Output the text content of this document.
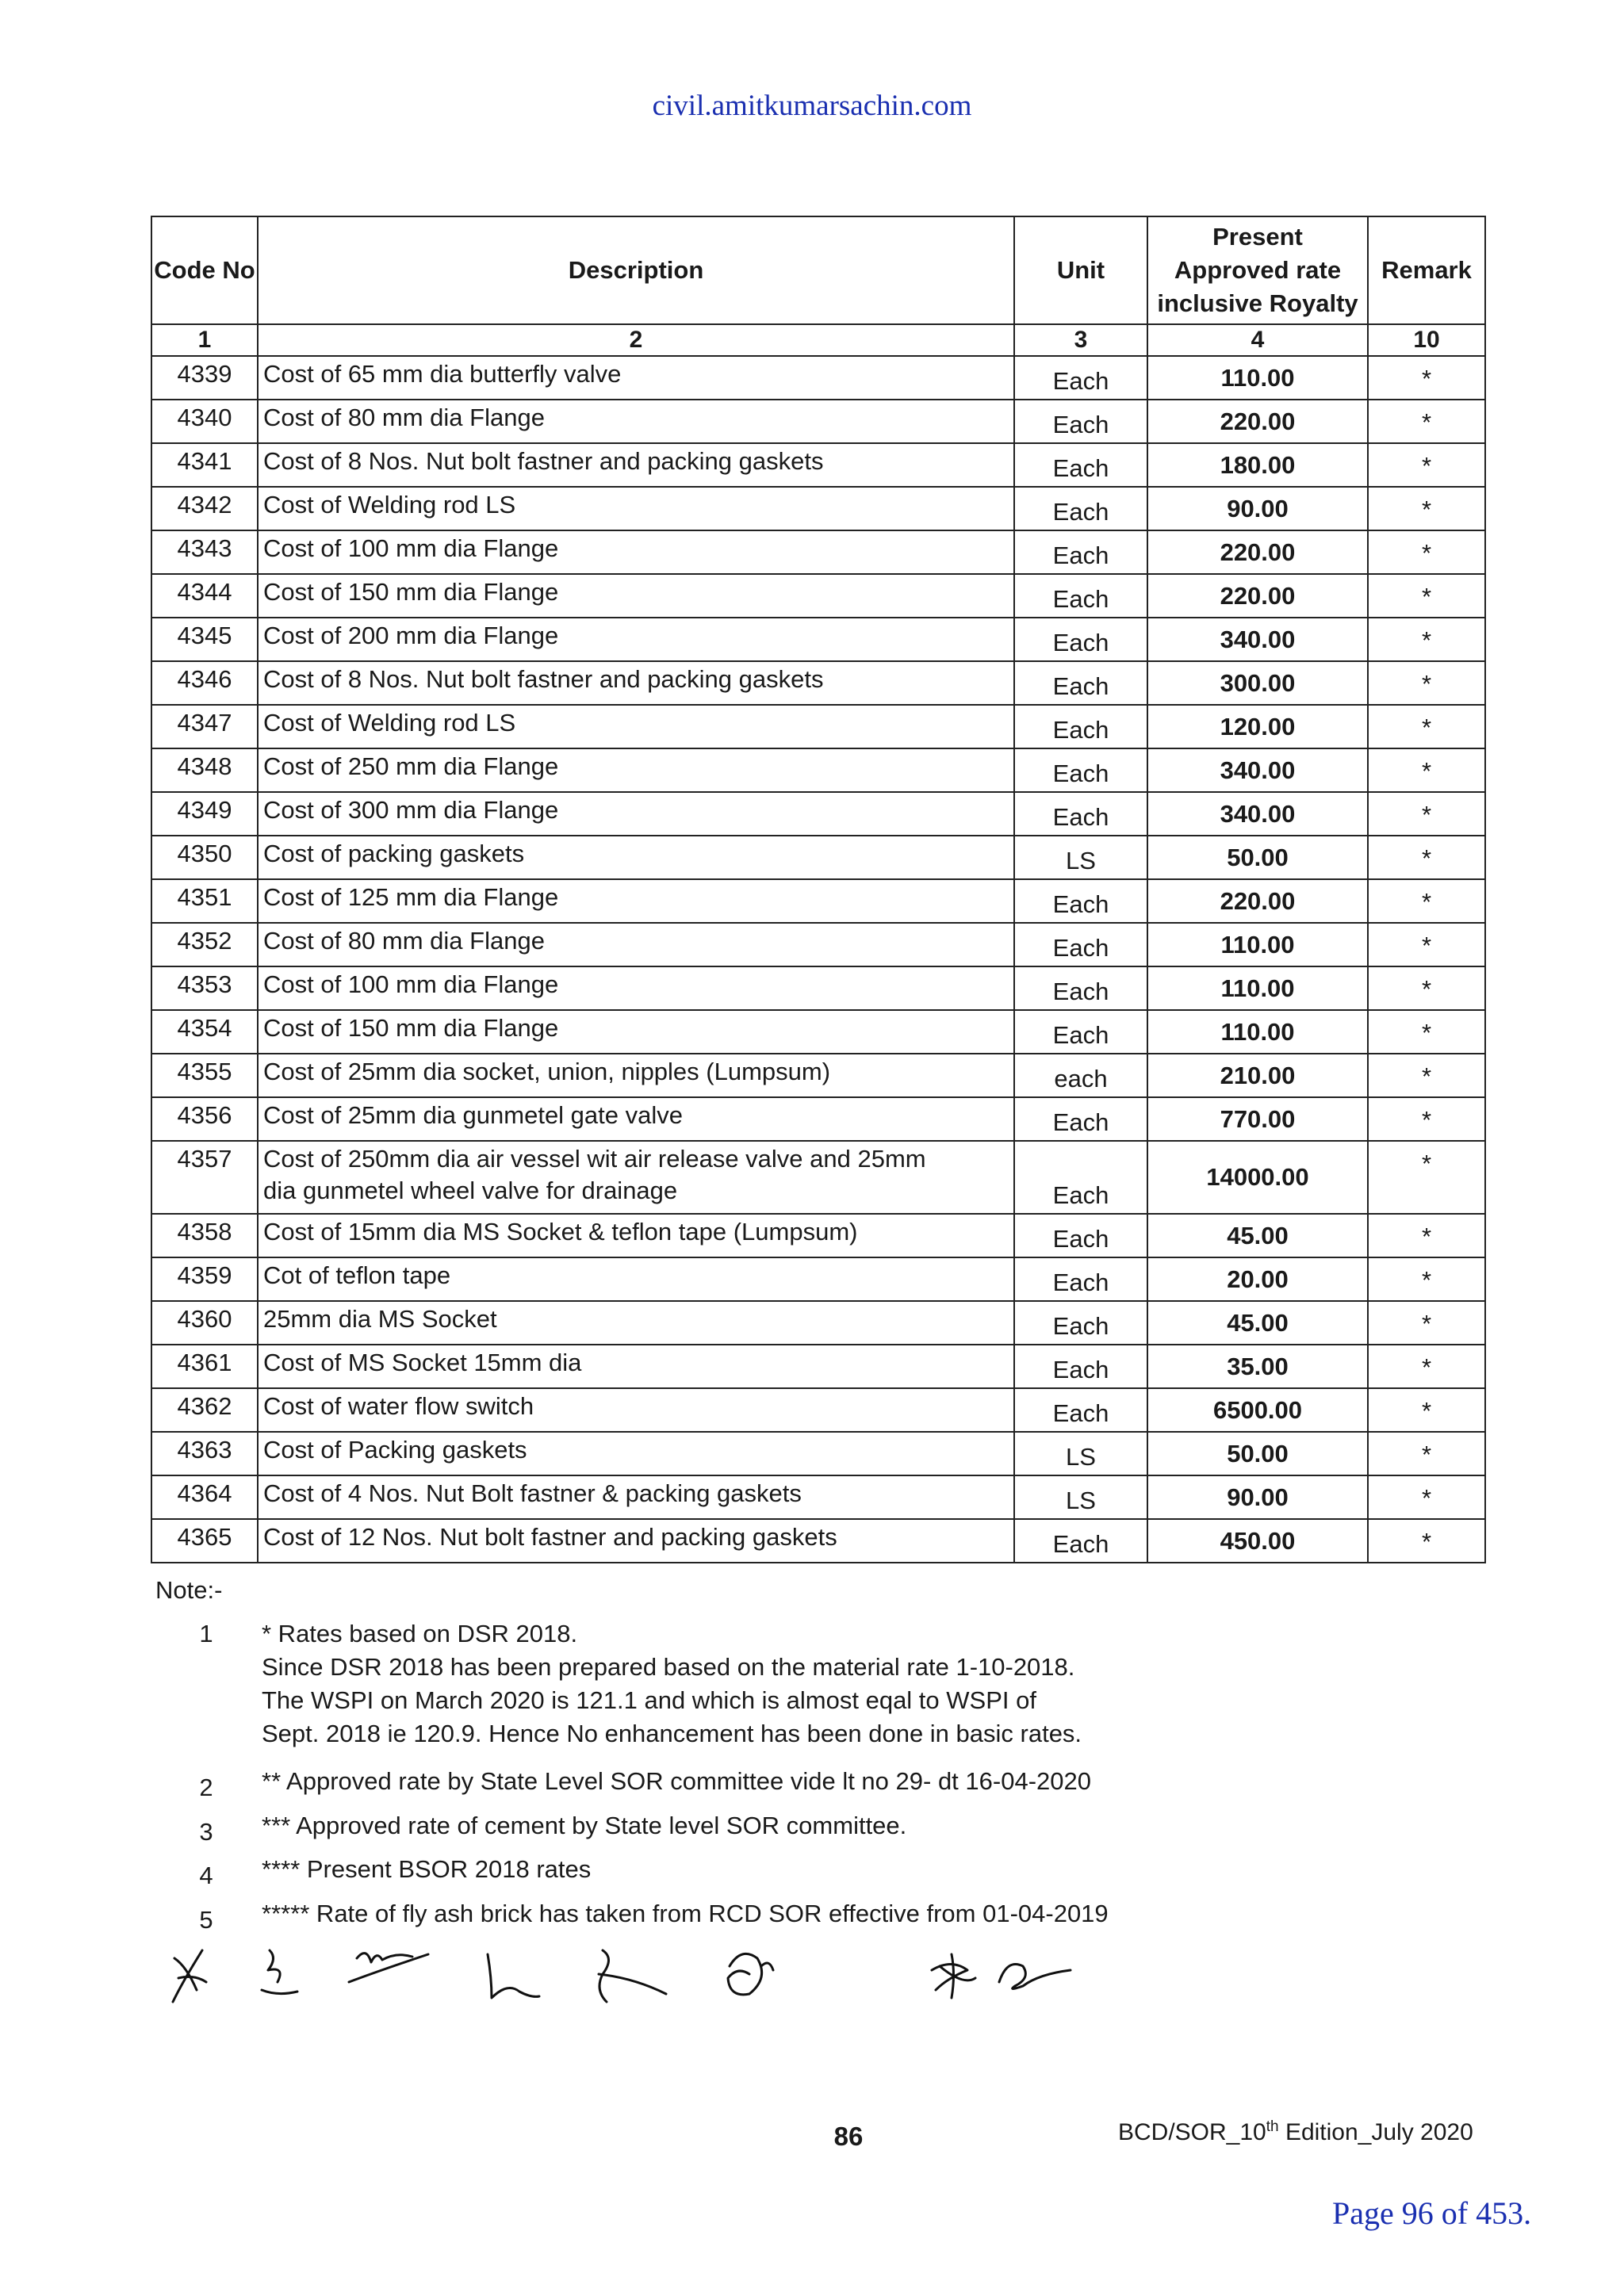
civil.amitkumarsachin.com
Code No	Description	Unit	Present
Approved rate
inclusive Royalty	Remark
1	2	3	4	10
4339	Cost of 65 mm dia butterfly valve	Each	110.00	*
4340	Cost of 80 mm dia Flange	Each	220.00	*
4341	Cost of 8 Nos. Nut bolt fastner and packing gaskets	Each	180.00	*
4342	Cost of Welding rod LS	Each	90.00	*
4343	Cost of 100 mm dia Flange	Each	220.00	*
4344	Cost of 150 mm dia Flange	Each	220.00	*
4345	Cost of 200 mm dia Flange	Each	340.00	*
4346	Cost of 8 Nos. Nut bolt fastner and packing gaskets	Each	300.00	*
4347	Cost of Welding rod LS	Each	120.00	*
4348	Cost of 250 mm dia Flange	Each	340.00	*
4349	Cost of 300 mm dia Flange	Each	340.00	*
4350	Cost of packing gaskets	LS	50.00	*
4351	Cost of 125 mm dia Flange	Each	220.00	*
4352	Cost of 80 mm dia Flange	Each	110.00	*
4353	Cost of 100 mm dia Flange	Each	110.00	*
4354	Cost of 150 mm dia Flange	Each	110.00	*
4355	Cost of 25mm dia socket, union, nipples (Lumpsum)	each	210.00	*
4356	Cost of 25mm dia gunmetel gate valve	Each	770.00	*
4357	Cost of 250mm dia air vessel wit air release valve and 25mm
dia gunmetel wheel valve for drainage	Each	14000.00	*
4358	Cost of 15mm dia MS Socket & teflon tape (Lumpsum)	Each	45.00	*
4359	Cot of teflon tape	Each	20.00	*
4360	25mm dia MS Socket	Each	45.00	*
4361	Cost of MS Socket 15mm dia	Each	35.00	*
4362	Cost of water flow switch	Each	6500.00	*
4363	Cost of Packing gaskets	LS	50.00	*
4364	Cost of 4 Nos. Nut Bolt fastner & packing gaskets	LS	90.00	*
4365	Cost of 12 Nos. Nut bolt fastner and packing gaskets	Each	450.00	*
Note:-
1 * Rates based on DSR 2018.
Since DSR 2018 has been prepared based on the material rate 1-10-2018.
The WSPI on March 2020 is 121.1 and which is almost eqal to WSPI of
Sept. 2018 ie 120.9. Hence No enhancement has been done in basic rates.
2 ** Approved rate by State Level SOR committee vide lt no 29- dt 16-04-2020
3 *** Approved rate of cement by State level SOR committee.
4 **** Present BSOR 2018 rates
5 ***** Rate of fly ash brick has taken from RCD SOR effective from 01-04-2019
86	BCD/SOR_10th Edition_July 2020
Page 96 of 453.
